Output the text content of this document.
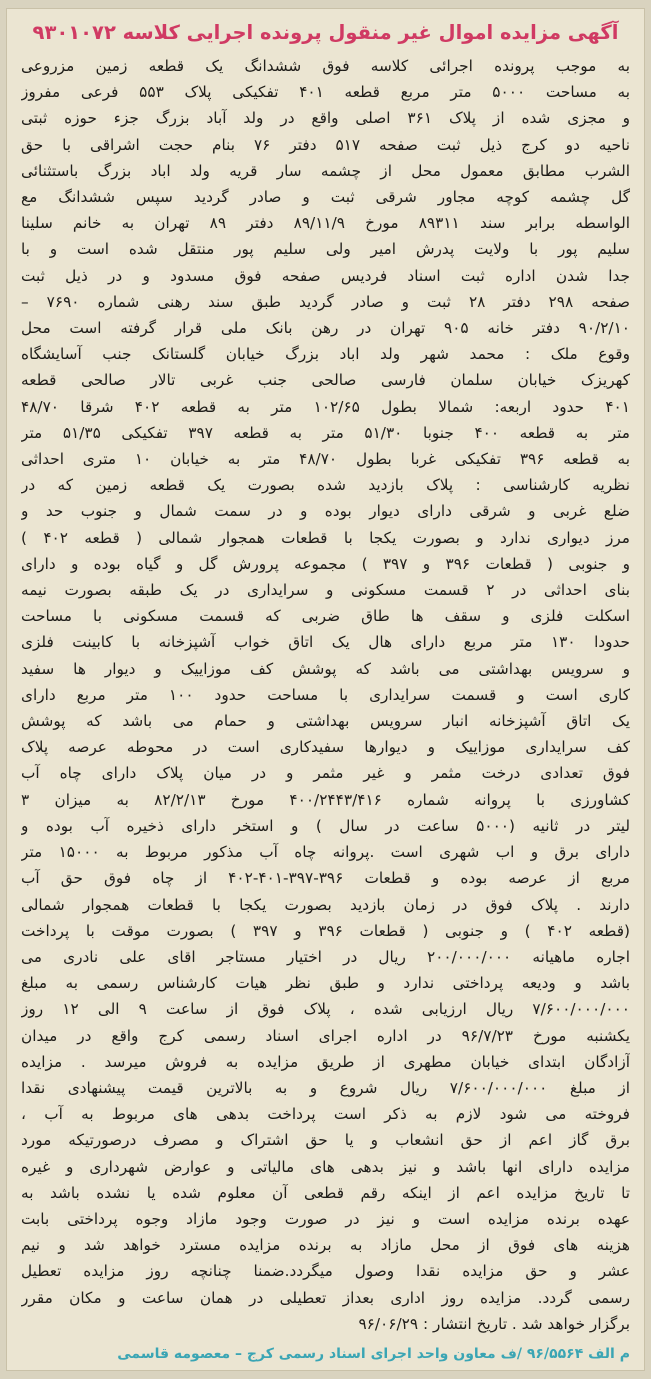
آگهی مزایده اموال غیر منقول پرونده اجرایی کلاسه ۹۳۰۱۰۷۲
به موجب پرونده اجرائی کلاسه فوق ششدانگ یک قطعه زمین مزروعی
به مساحت ۵۰۰۰ متر مربع قطعه ۴۰۱ تفکیکی پلاک ۵۵۳ فرعی مفروز
و مجزی شده از پلاک ۳۶۱ اصلی واقع در ولد آباد بزرگ جزء حوزه ثبتی
ناحیه دو کرج ذیل ثبت صفحه ۵۱۷ دفتر ۷۶ بنام حجت اشراقی با حق
الشرب مطابق معمول محل از چشمه سار قریه ولد اباد بزرگ باستثنائی
گل چشمه کوچه مجاور شرقی ثبت و صادر گردید سپس ششدانگ مع
الواسطه برابر سند ۸۹۳۱۱ مورخ ۸۹/۱۱/۹ دفتر ۸۹ تهران به خانم سلینا
سلیم پور با ولایت پدرش امیر ولی سلیم پور منتقل شده است و با
جدا شدن اداره ثبت اسناد فردیس صفحه فوق مسدود و در ذیل ثبت
صفحه ۲۹۸ دفتر ۲۸ ثبت و صادر گردید طبق سند رهنی شماره ۷۶۹۰ –
۹۰/۲/۱۰ دفتر خانه ۹۰۵ تهران در رهن بانک ملی قرار گرفته است محل
وقوع ملک : محمد شهر ولد اباد بزرگ خیابان گلستانک جنب آسایشگاه
کهریزک خیابان سلمان فارسی صالحی جنب غربی تالار صالحی قطعه
۴۰۱ حدود اربعه: شمالا بطول ۱۰۲/۶۵ متر به قطعه ۴۰۲ شرقا ۴۸/۷۰
متر به قطعه ۴۰۰ جنوبا ۵۱/۳۰ متر به قطعه ۳۹۷ تفکیکی ۵۱/۳۵ متر
به قطعه ۳۹۶ تفکیکی غربا بطول ۴۸/۷۰ متر به خیابان ۱۰ متری احداثی
نظریه کارشناسی : پلاک بازدید شده بصورت یک قطعه زمین که در
ضلع غربی و شرقی دارای دیوار بوده و در سمت شمال و جنوب حد و
مرز دیواری ندارد و بصورت یکجا با قطعات همجوار شمالی ( قطعه ۴۰۲ )
و جنوبی ( قطعات ۳۹۶ و ۳۹۷ ) مجموعه پرورش گل و گیاه بوده و دارای
بنای احداثی در ۲ قسمت مسکونی و سرایداری در یک طبقه بصورت نیمه
اسکلت فلزی و سقف ها طاق ضربی که قسمت مسکونی با مساحت
حدودا ۱۳۰ متر مربع دارای هال یک اتاق خواب آشپزخانه با کابینت فلزی
و سرویس بهداشتی می باشد که پوشش کف موزاییک و دیوار ها سفید
کاری است و قسمت سرایداری با مساحت حدود ۱۰۰ متر مربع دارای
یک اتاق آشپزخانه انبار سرویس بهداشتی و حمام می باشد که پوشش
کف سرایداری موزاییک و دیوارها سفیدکاری است در محوطه عرصه پلاک
فوق تعدادی درخت مثمر و غیر مثمر و در میان پلاک دارای چاه آب
کشاورزی با پروانه شماره ۴۰۰/۲۴۴۳/۴۱۶ مورخ ۸۲/۲/۱۳ به میزان ۳
لیتر در ثانیه (۵۰۰۰ ساعت در سال ) و استخر دارای ذخیره آب بوده و
دارای برق و اب شهری است .پروانه چاه آب مذکور مربوط به ۱۵۰۰۰ متر
مربع از عرصه بوده و قطعات ۳۹۶-۳۹۷-۴۰۱-۴۰۲ از چاه فوق حق آب
دارند . پلاک فوق در زمان بازدید بصورت یکجا با قطعات همجوار شمالی
(قطعه ۴۰۲ ) و جنوبی ( قطعات ۳۹۶ و ۳۹۷ ) بصورت موقت با پرداخت
اجاره ماهیانه ۲۰۰/۰۰۰/۰۰۰ ریال در اختیار مستاجر اقای علی نادری می
باشد و ودیعه پرداختی ندارد و طبق نظر هیات کارشناس رسمی به مبلغ
۷/۶۰۰/۰۰۰/۰۰۰ ریال ارزیابی شده ، پلاک فوق از ساعت ۹ الی ۱۲ روز
یکشنبه مورخ ۹۶/۷/۲۳ در اداره اجرای اسناد رسمی کرج واقع در میدان
آزادگان ابتدای خیابان مطهری از طریق مزایده به فروش میرسد . مزایده
از مبلغ ۷/۶۰۰/۰۰۰/۰۰۰ ریال شروع و به بالاترین قیمت پیشنهادی نقدا
فروخته می شود لازم به ذکر است پرداخت بدهی های مربوط به آب ،
برق گاز اعم از حق انشعاب و یا حق اشتراک و مصرف درصورتیکه مورد
مزایده دارای انها باشد و نیز بدهی های مالیاتی و عوارض شهرداری و غیره
تا تاریخ مزایده اعم از اینکه رقم قطعی آن معلوم شده یا نشده باشد به
عهده برنده مزایده است و نیز در صورت وجود مازاد وجوه پرداختی بابت
هزینه های فوق از محل مازاد به برنده مزایده مسترد خواهد شد و نیم
عشر و حق مزایده نقدا وصول میگردد.ضمنا چنانچه روز مزایده تعطیل
رسمی گردد. مزایده روز اداری بعداز تعطیلی در همان ساعت و مکان مقرر
برگزار خواهد شد . تاریخ انتشار : ۹۶/۰۶/۲۹
م الف ۹۶/۵۵۶۴ /ف معاون واحد اجرای اسناد رسمی کرج – معصومه قاسمی
